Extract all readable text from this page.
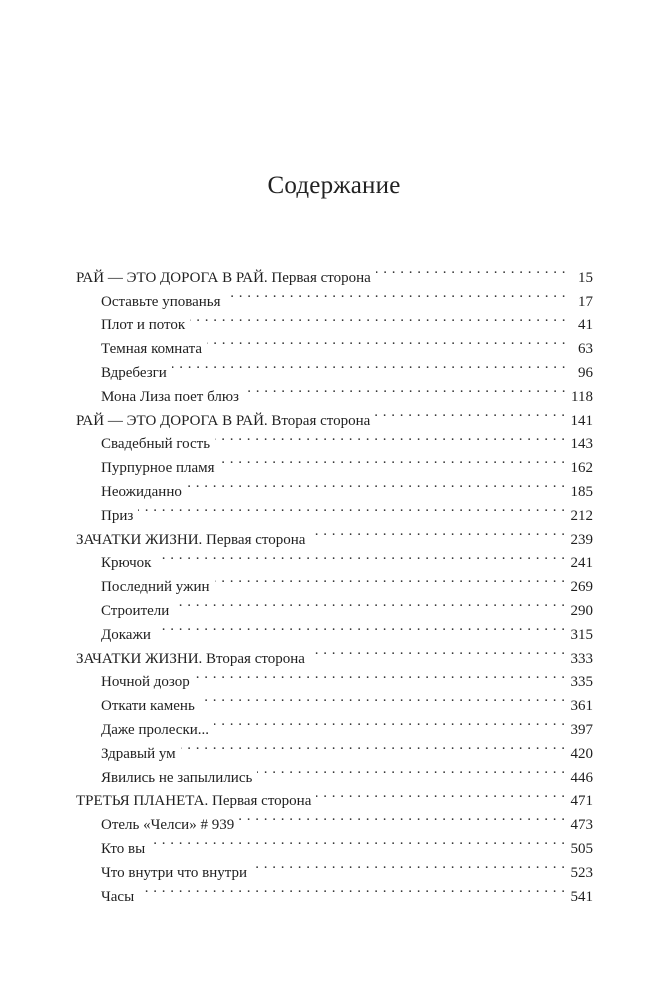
Содержание
РАЙ — ЭТО ДОРОГА В РАЙ. Первая сторона . . .	15
Оставьте упованья . . .	17
Плот и поток . . .	41
Темная комната . . .	63
Вдребезги . . .	96
Мона Лиза поет блюз . . .	118
РАЙ — ЭТО ДОРОГА В РАЙ. Вторая сторона . . .	141
Свадебный гость . . .	143
Пурпурное пламя . . .	162
Неожиданно . . .	185
Приз . . .	212
ЗАЧАТКИ ЖИЗНИ. Первая сторона . . .	239
Крючок . . .	241
Последний ужин . . .	269
Строители . . .	290
Докажи . . .	315
ЗАЧАТКИ ЖИЗНИ. Вторая сторона . . .	333
Ночной дозор . . .	335
Откати камень . . .	361
Даже пролески... . . .	397
Здравый ум . . .	420
Явились не запылились . . .	446
ТРЕТЬЯ ПЛАНЕТА. Первая сторона . . .	471
Отель «Челси» # 939 . . .	473
Кто вы . . .	505
Что внутри что внутри . . .	523
Часы . . .	541
